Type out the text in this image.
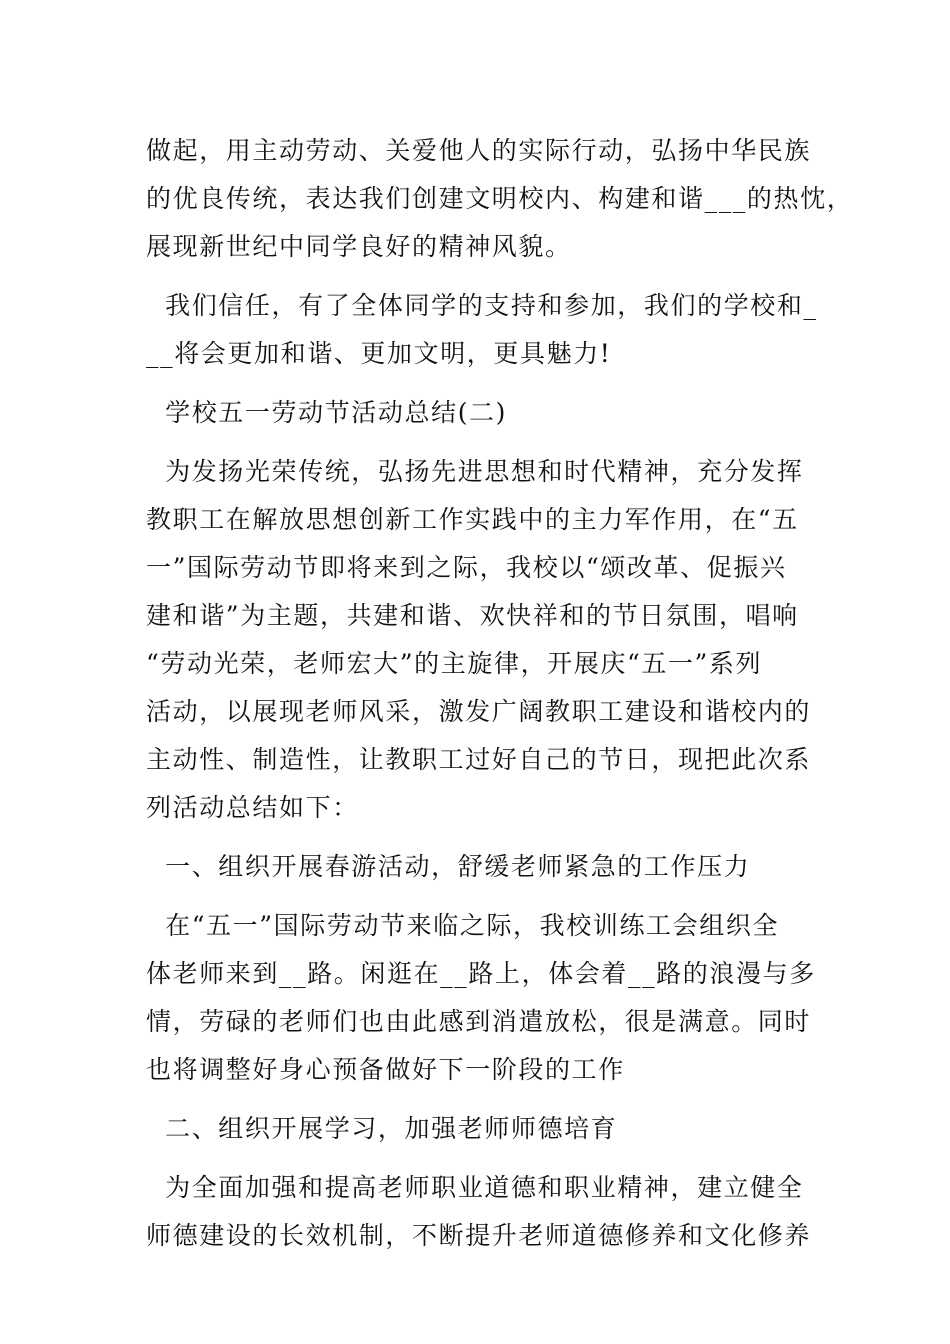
做起，用主动劳动、关爱他人的实际行动，弘扬中华民族
的优良传统，表达我们创建文明校内、构建和谐___的热忱，
展现新世纪中同学良好的精神风貌。
我们信任，有了全体同学的支持和参加，我们的学校和_
__将会更加和谐、更加文明，更具魅力!
学校五一劳动节活动总结(二)
为发扬光荣传统，弘扬先进思想和时代精神，充分发挥
教职工在解放思想创新工作实践中的主力军作用，在“五
一”国际劳动节即将来到之际，我校以“颂改革、促振兴
建和谐”为主题，共建和谐、欢快祥和的节日氛围，唱响
“劳动光荣，老师宏大”的主旋律，开展庆“五一”系列
活动，以展现老师风采，激发广阔教职工建设和谐校内的
主动性、制造性，让教职工过好自己的节日，现把此次系
列活动总结如下：
一、组织开展春游活动，舒缓老师紧急的工作压力
在“五一”国际劳动节来临之际，我校训练工会组织全
体老师来到__路。闲逛在__路上，体会着__路的浪漫与多
情，劳碌的老师们也由此感到消遣放松，很是满意。同时
也将调整好身心预备做好下一阶段的工作
二、组织开展学习，加强老师师德培育
为全面加强和提高老师职业道德和职业精神，建立健全
师德建设的长效机制，不断提升老师道德修养和文化修养
